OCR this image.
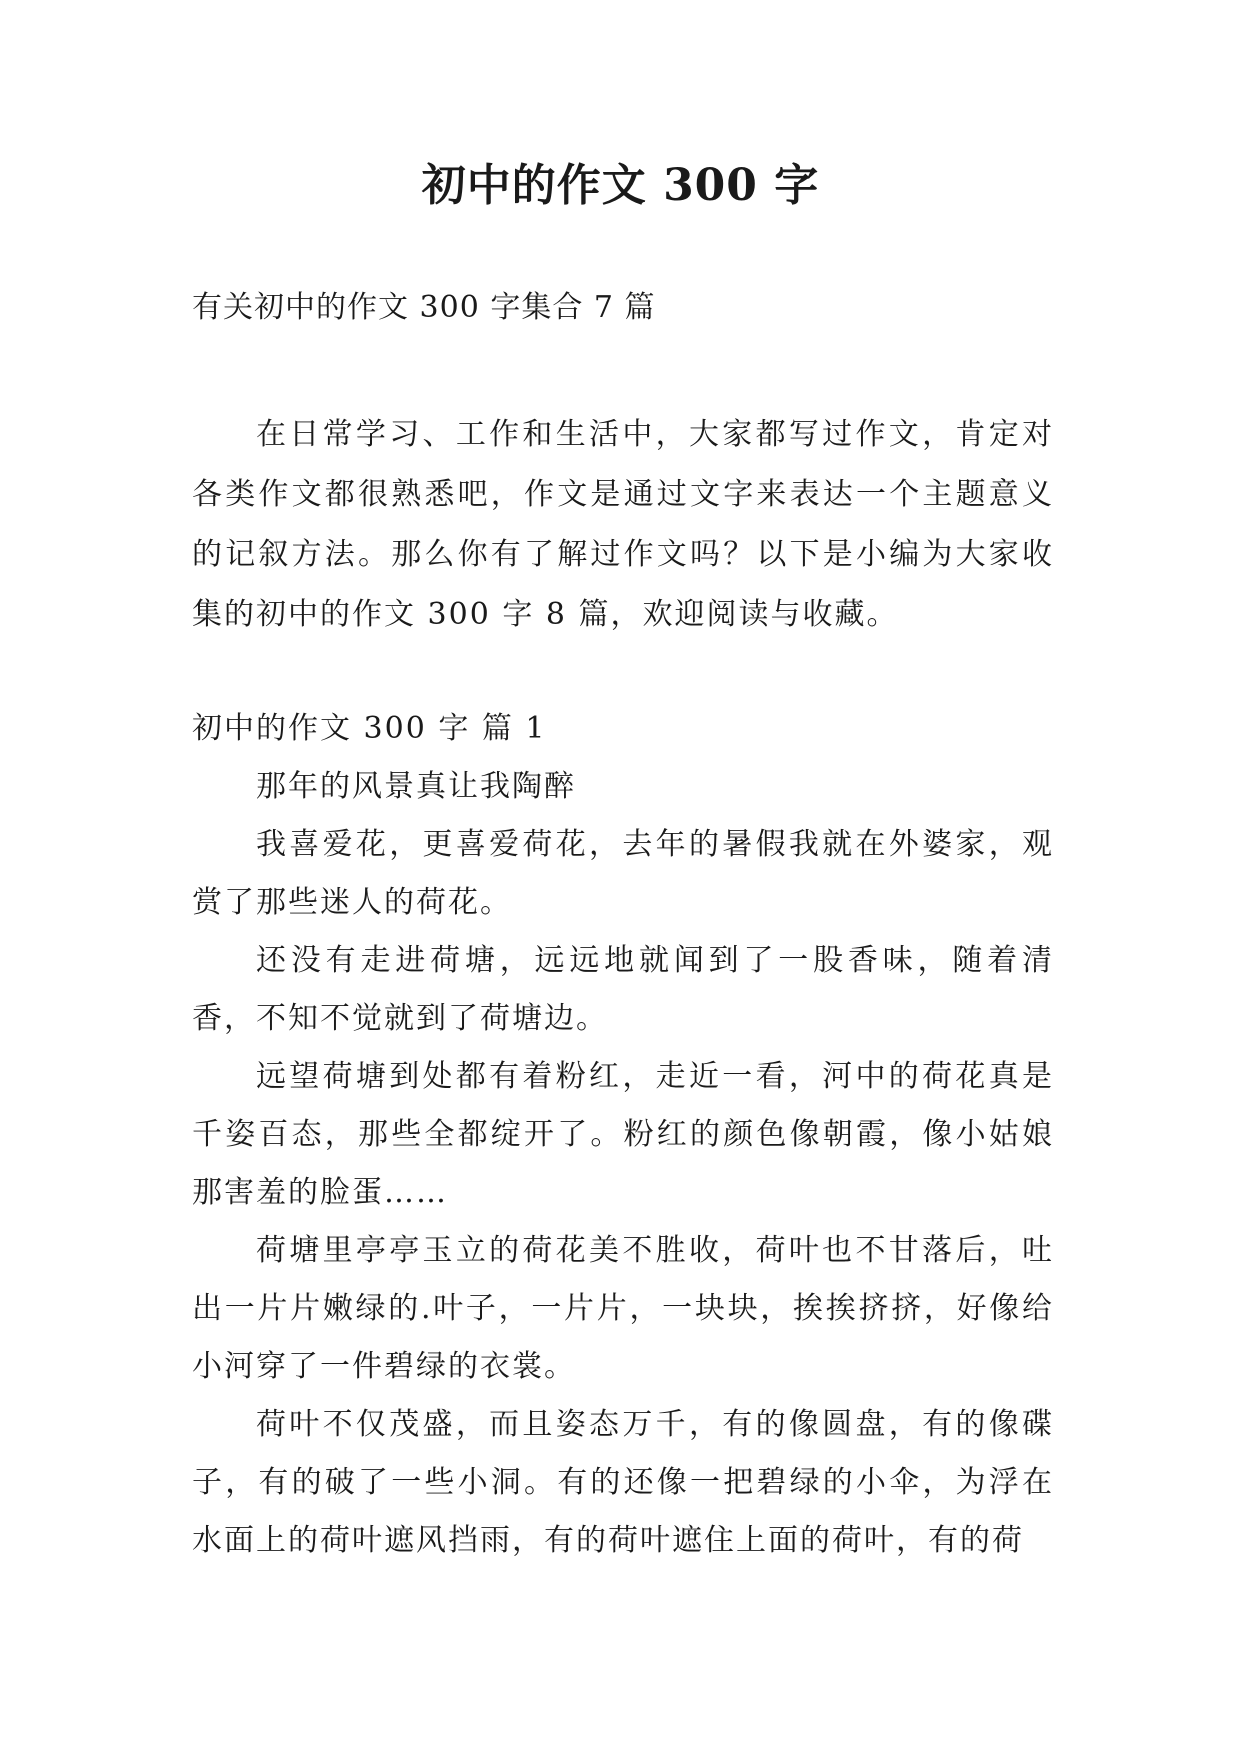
初中的作文 300 字
有关初中的作文 300 字集合 7 篇
在日常学习、工作和生活中，大家都写过作文，肯定对各类作文都很熟悉吧，作文是通过文字来表达一个主题意义的记叙方法。那么你有了解过作文吗？以下是小编为大家收集的初中的作文 300 字 8 篇，欢迎阅读与收藏。

初中的作文 300 字 篇 1

那年的风景真让我陶醉

我喜爱花，更喜爱荷花，去年的暑假我就在外婆家，观赏了那些迷人的荷花。

还没有走进荷塘，远远地就闻到了一股香味，随着清香，不知不觉就到了荷塘边。

远望荷塘到处都有着粉红，走近一看，河中的荷花真是千姿百态，那些全都绽开了。粉红的颜色像朝霞，像小姑娘那害羞的脸蛋……

荷塘里亭亭玉立的荷花美不胜收，荷叶也不甘落后，吐出一片片嫩绿的.叶子，一片片，一块块，挨挨挤挤，好像给小河穿了一件碧绿的衣裳。

荷叶不仅茂盛，而且姿态万千，有的像圆盘，有的像碟子，有的破了一些小洞。有的还像一把碧绿的小伞，为浮在水面上的荷叶遮风挡雨，有的荷叶遮住上面的荷叶，有的荷
